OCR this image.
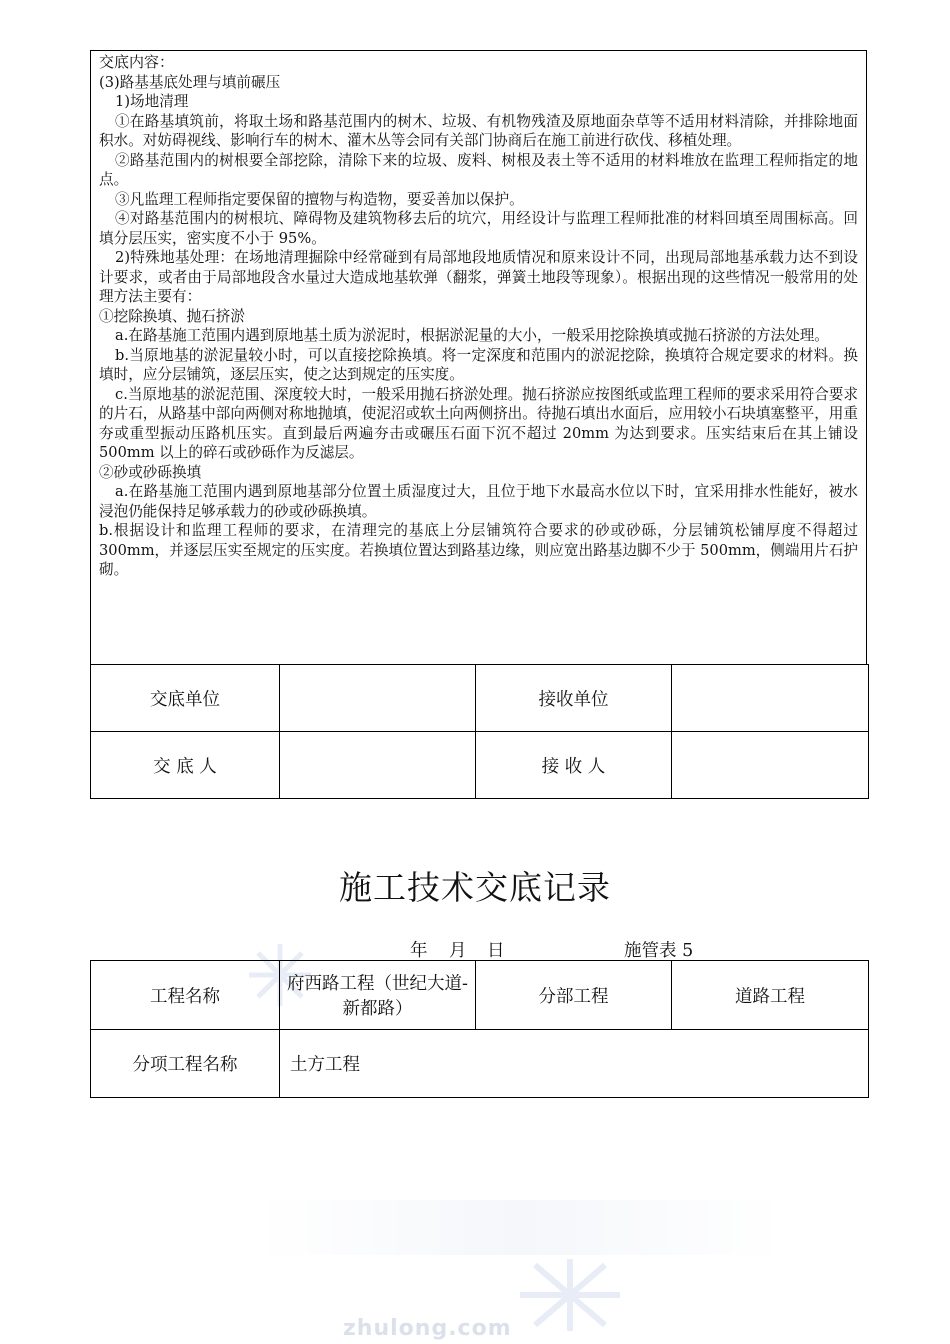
zhulong.com
交底内容：

(3)路基基底处理与填前碾压

1)场地清理

①在路基填筑前，将取土场和路基范围内的树木、垃圾、有机物残渣及原地面杂草等不适用材料清除，并排除地面积水。对妨碍视线、影响行车的树木、灌木丛等会同有关部门协商后在施工前进行砍伐、移植处理。

②路基范围内的树根要全部挖除，清除下来的垃圾、废料、树根及表土等不适用的材料堆放在监理工程师指定的地点。

③凡监理工程师指定要保留的擅物与构造物，要妥善加以保护。

④对路基范围内的树根坑、障碍物及建筑物移去后的坑穴，用经设计与监理工程师批准的材料回填至周围标高。回填分层压实，密实度不小于 95%。

2)特殊地基处理：在场地清理掘除中经常碰到有局部地段地质情况和原来设计不同，出现局部地基承载力达不到设计要求，或者由于局部地段含水量过大造成地基软弹（翻浆，弹簧土地段等现象）。根据出现的这些情况一般常用的处理方法主要有：

①挖除换填、抛石挤淤

a.在路基施工范围内遇到原地基土质为淤泥时，根据淤泥量的大小，一般采用挖除换填或抛石挤淤的方法处理。

b.当原地基的淤泥量较小时，可以直接挖除换填。将一定深度和范围内的淤泥挖除，换填符合规定要求的材料。换填时，应分层铺筑，逐层压实，使之达到规定的压实度。

c.当原地基的淤泥范围、深度较大时，一般采用抛石挤淤处理。抛石挤淤应按图纸或监理工程师的要求采用符合要求的片石，从路基中部向两侧对称地抛填，使泥沼或软土向两侧挤出。待抛石填出水面后，应用较小石块填塞整平，用重夯或重型振动压路机压实。直到最后两遍夯击或碾压石面下沉不超过 20mm 为达到要求。压实结束后在其上铺设 500mm 以上的碎石或砂砾作为反滤层。

②砂或砂砾换填

a.在路基施工范围内遇到原地基部分位置土质湿度过大，且位于地下水最高水位以下时，宜采用排水性能好，被水浸泡仍能保持足够承载力的砂或砂砾换填。

b.根据设计和监理工程师的要求，在清理完的基底上分层铺筑符合要求的砂或砂砾，分层铺筑松铺厚度不得超过 300mm，并逐层压实至规定的压实度。若换填位置达到路基边缘，则应宽出路基边脚不少于 500mm，侧端用片石护砌。

交底单位		接收单位	
交 底 人		接 收 人	
施工技术交底记录
年 月 日	施管表 5
工程名称	府西路工程（世纪大道-新都路）	分部工程	道路工程
分项工程名称	土方工程		
